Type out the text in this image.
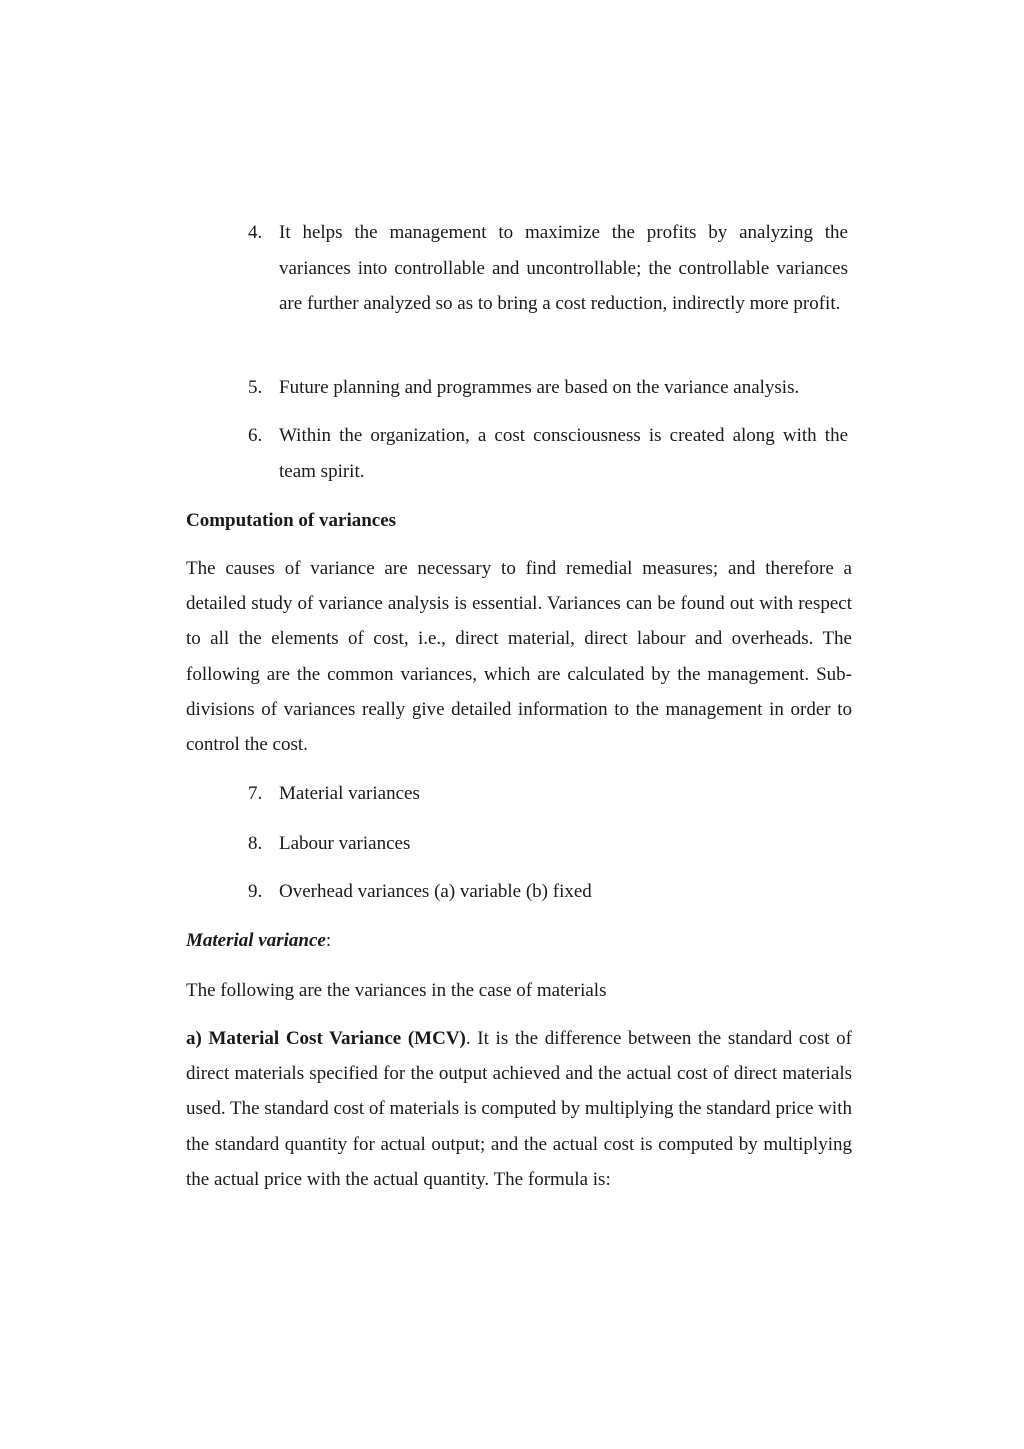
4. It helps the management to maximize the profits by analyzing the variances into controllable and uncontrollable; the controllable variances are further analyzed so as to bring a cost reduction, indirectly more profit.
5. Future planning and programmes are based on the variance analysis.
6. Within the organization, a cost consciousness is created along with the team spirit.
Computation of variances
The causes of variance are necessary to find remedial measures; and therefore a detailed study of variance analysis is essential. Variances can be found out with respect to all the elements of cost, i.e., direct material, direct labour and overheads. The following are the common variances, which are calculated by the management. Sub-divisions of variances really give detailed information to the management in order to control the cost.
7. Material variances
8. Labour variances
9. Overhead variances (a) variable (b) fixed
Material variance:
The following are the variances in the case of materials
a) Material Cost Variance (MCV). It is the difference between the standard cost of direct materials specified for the output achieved and the actual cost of direct materials used. The standard cost of materials is computed by multiplying the standard price with the standard quantity for actual output; and the actual cost is computed by multiplying the actual price with the actual quantity. The formula is:
